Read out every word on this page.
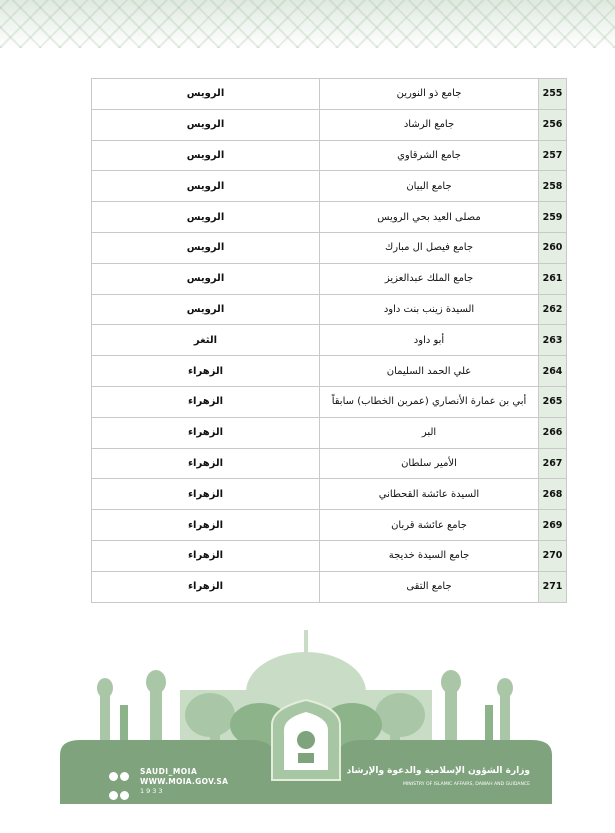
255	جامع ذو النورين	الرويس
256	جامع الرشاد	الرويس
257	جامع الشرقاوي	الرويس
258	جامع البيان	الرويس
259	مصلى العيد بحي الرويس	الرويس
260	جامع فيصل ال مبارك	الرويس
261	جامع الملك عبدالعزيز	الرويس
262	السيدة زينب بنت داود	الرويس
263	أبو داود	الثغر
264	علي الحمد السليمان	الزهراء
265	أبي بن عمارة الأنصاري (عمربن الخطاب) سابقاً	الزهراء
266	البر	الزهراء
267	الأمير سلطان	الزهراء
268	السيدة عائشة القحطاني	الزهراء
269	جامع عائشة قربان	الزهراء
270	جامع السيدة خديجة	الزهراء
271	جامع التقى	الزهراء
SAUDI_MOIA
WWW.MOIA.GOV.SA
1933
وزارة الشؤون الإسلامية والدعوة والإرشاد
MINISTRY OF ISLAMIC AFFAIRS, DAWAH AND GUIDANCE
